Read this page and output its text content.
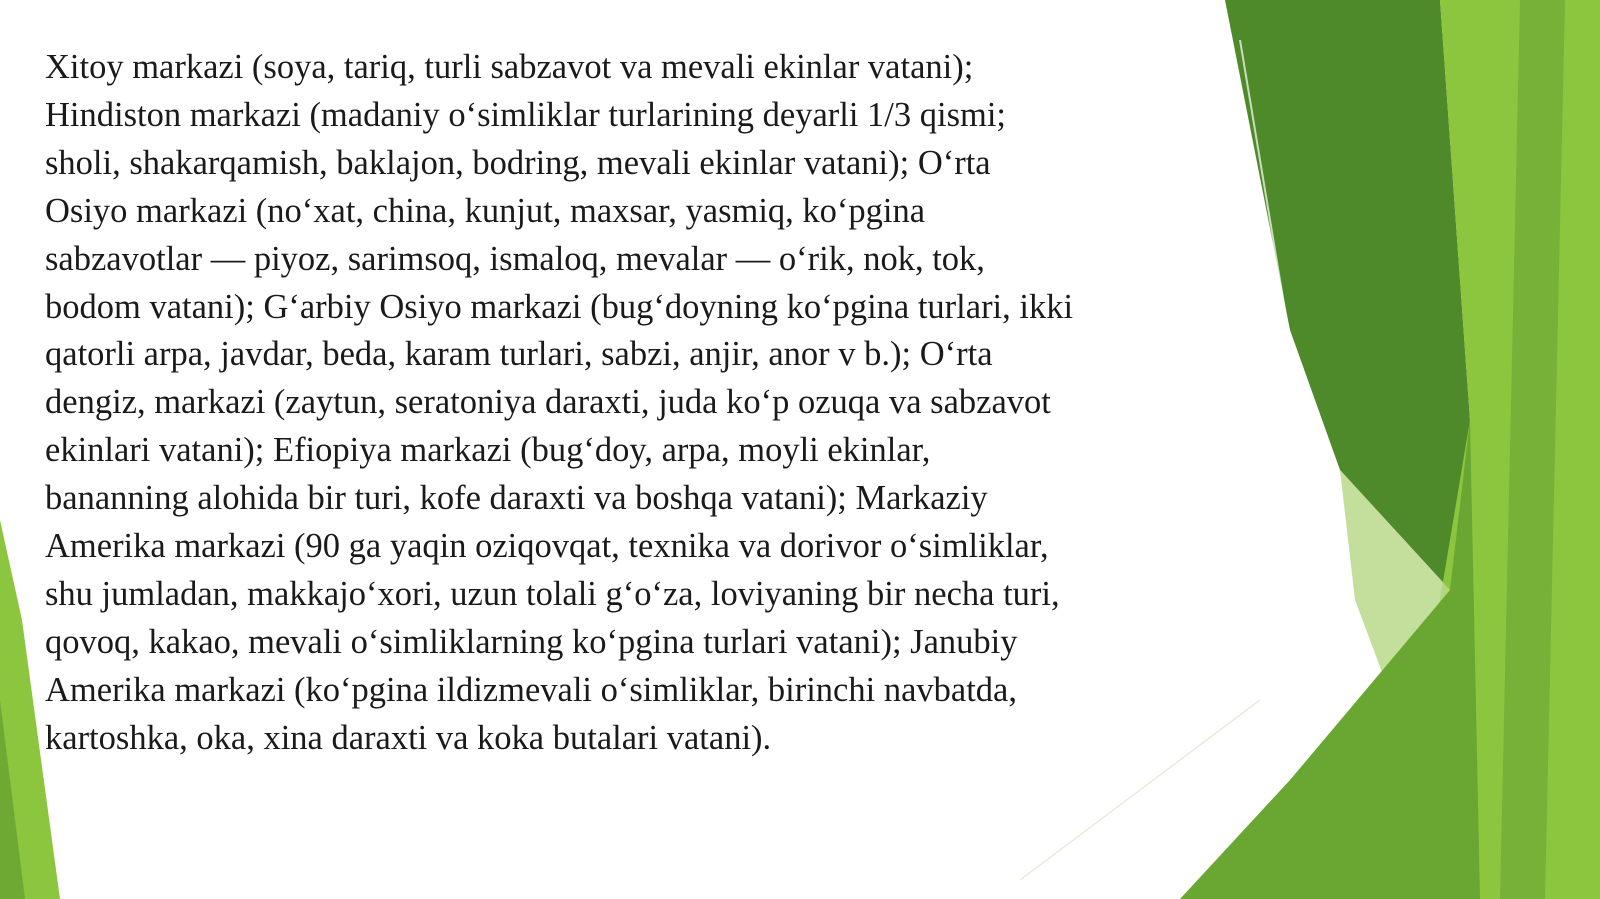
Xitoy markazi (soya, tariq, turli sabzavot va mevali ekinlar vatani);
Hindiston markazi (madaniy o‘simliklar turlarining deyarli 1/3 qismi;
sholi, shakarqamish, baklajon, bodring, mevali ekinlar vatani); O‘rta
Osiyo markazi (no‘xat, china, kunjut, maxsar, yasmiq, ko‘pgina
sabzavotlar — piyoz, sarimsoq, ismaloq, mevalar — o‘rik, nok, tok,
bodom vatani); G‘arbiy Osiyo markazi (bug‘doyning ko‘pgina turlari, ikki
qatorli arpa, javdar, beda, karam turlari, sabzi, anjir, anor v b.); O‘rta
dengiz, markazi (zaytun, seratoniya daraxti, juda ko‘p ozuqa va sabzavot
ekinlari vatani); Efiopiya markazi (bug‘doy, arpa, moyli ekinlar,
bananning alohida bir turi, kofe daraxti va boshqa vatani); Markaziy
Amerika markazi (90 ga yaqin oziqovqat, texnika va dorivor o‘simliklar,
shu jumladan, makkajo‘xori, uzun tolali g‘o‘za, loviyaning bir necha turi,
qovoq, kakao, mevali o‘simliklarning ko‘pgina turlari vatani); Janubiy
Amerika markazi (ko‘pgina ildizmevali o‘simliklar, birinchi navbatda,
kartoshka, oka, xina daraxti va koka butalari vatani).
